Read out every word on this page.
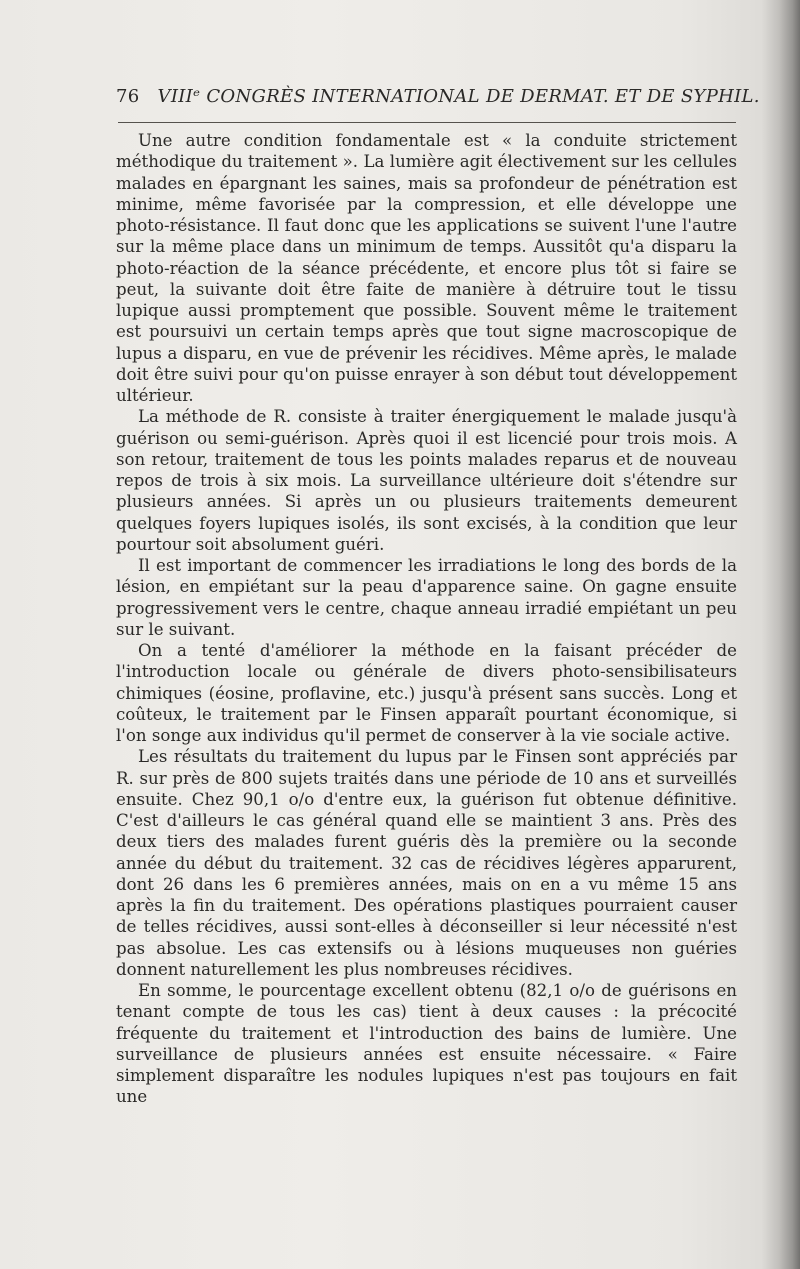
76 VIIIᵉ CONGRÈS INTERNATIONAL DE DERMAT. ET DE SYPHIL.

Une autre condition fondamentale est « la conduite strictement méthodique du traitement ». La lumière agit électivement sur les cellules malades en épargnant les saines, mais sa profondeur de pénétration est minime, même favorisée par la compression, et elle développe une photo-résistance. Il faut donc que les applications se suivent l'une l'autre sur la même place dans un minimum de temps. Aussitôt qu'a disparu la photo-réaction de la séance précédente, et encore plus tôt si faire se peut, la suivante doit être faite de manière à détruire tout le tissu lupique aussi promptement que possible. Souvent même le traitement est poursuivi un certain temps après que tout signe macroscopique de lupus a disparu, en vue de prévenir les récidives. Même après, le malade doit être suivi pour qu'on puisse enrayer à son début tout développement ultérieur.

La méthode de R. consiste à traiter énergiquement le malade jusqu'à guérison ou semi-guérison. Après quoi il est licencié pour trois mois. A son retour, traitement de tous les points malades reparus et de nouveau repos de trois à six mois. La surveillance ultérieure doit s'étendre sur plusieurs années. Si après un ou plusieurs traitements demeurent quelques foyers lupiques isolés, ils sont excisés, à la condition que leur pourtour soit absolument guéri.

Il est important de commencer les irradiations le long des bords de la lésion, en empiétant sur la peau d'apparence saine. On gagne ensuite progressivement vers le centre, chaque anneau irradié empiétant un peu sur le suivant.

On a tenté d'améliorer la méthode en la faisant précéder de l'introduction locale ou générale de divers photo-sensibilisateurs chimiques (éosine, proflavine, etc.) jusqu'à présent sans succès. Long et coûteux, le traitement par le Finsen apparaît pourtant économique, si l'on songe aux individus qu'il permet de conserver à la vie sociale active.

Les résultats du traitement du lupus par le Finsen sont appréciés par R. sur près de 800 sujets traités dans une période de 10 ans et surveillés ensuite. Chez 90,1 o/o d'entre eux, la guérison fut obtenue définitive. C'est d'ailleurs le cas général quand elle se maintient 3 ans. Près des deux tiers des malades furent guéris dès la première ou la seconde année du début du traitement. 32 cas de récidives légères apparurent, dont 26 dans les 6 premières années, mais on en a vu même 15 ans après la fin du traitement. Des opérations plastiques pourraient causer de telles récidives, aussi sont-elles à déconseiller si leur nécessité n'est pas absolue. Les cas extensifs ou à lésions muqueuses non guéries donnent naturellement les plus nombreuses récidives.

En somme, le pourcentage excellent obtenu (82,1 o/o de guérisons en tenant compte de tous les cas) tient à deux causes : la précocité fréquente du traitement et l'introduction des bains de lumière. Une surveillance de plusieurs années est ensuite nécessaire. « Faire simplement disparaître les nodules lupiques n'est pas toujours en fait une
